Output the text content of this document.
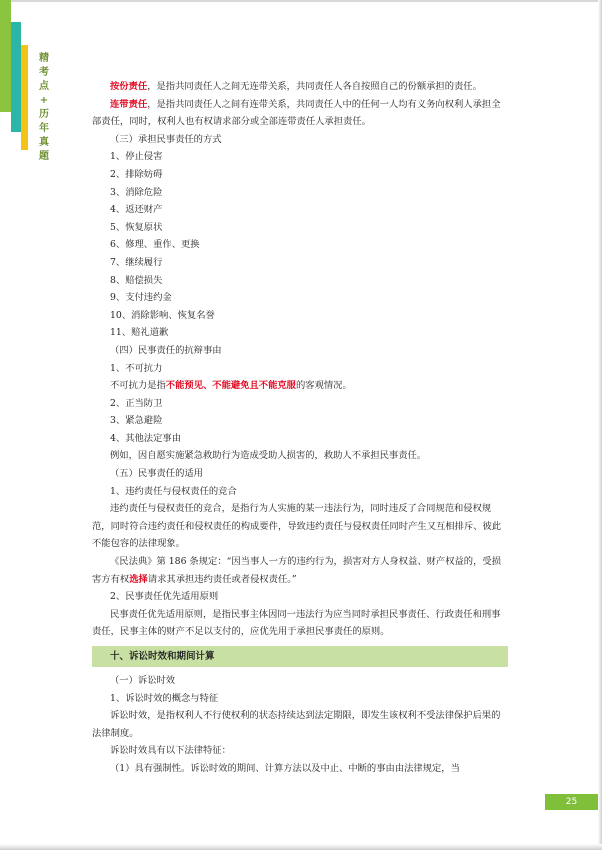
精
考
点
+
历
年
真
题

按份责任，是指共同责任人之间无连带关系，共同责任人各自按照自己的份额承担的责任。

连带责任，是指共同责任人之间有连带关系，共同责任人中的任何一人均有义务向权利人承担全部责任，同时，权利人也有权请求部分或全部连带责任人承担责任。

（三）承担民事责任的方式

1、停止侵害

2、排除妨碍

3、消除危险

4、返还财产

5、恢复原状

6、修理、重作、更换

7、继续履行

8、赔偿损失

9、支付违约金

10、消除影响、恢复名誉

11、赔礼道歉

（四）民事责任的抗辩事由

1、不可抗力

不可抗力是指不能预见、不能避免且不能克服的客观情况。

2、正当防卫

3、紧急避险

4、其他法定事由

例如，因自愿实施紧急救助行为造成受助人损害的，救助人不承担民事责任。

（五）民事责任的适用

1、违约责任与侵权责任的竞合

违约责任与侵权责任的竞合，是指行为人实施的某一违法行为，同时违反了合同规范和侵权规范，同时符合违约责任和侵权责任的构成要件，导致违约责任与侵权责任同时产生又互相排斥、彼此不能包容的法律现象。

《民法典》第 186 条规定：“因当事人一方的违约行为，损害对方人身权益、财产权益的，受损害方有权选择请求其承担违约责任或者侵权责任。”

2、民事责任优先适用原则

民事责任优先适用原则，是指民事主体因同一违法行为应当同时承担民事责任、行政责任和刑事责任，民事主体的财产不足以支付的，应优先用于承担民事责任的原则。

十、诉讼时效和期间计算

（一）诉讼时效

1、诉讼时效的概念与特征

诉讼时效，是指权利人不行使权利的状态持续达到法定期限，即发生该权利不受法律保护后果的法律制度。

诉讼时效具有以下法律特征：

（1）具有强制性。诉讼时效的期间、计算方法以及中止、中断的事由由法律规定，当

25
